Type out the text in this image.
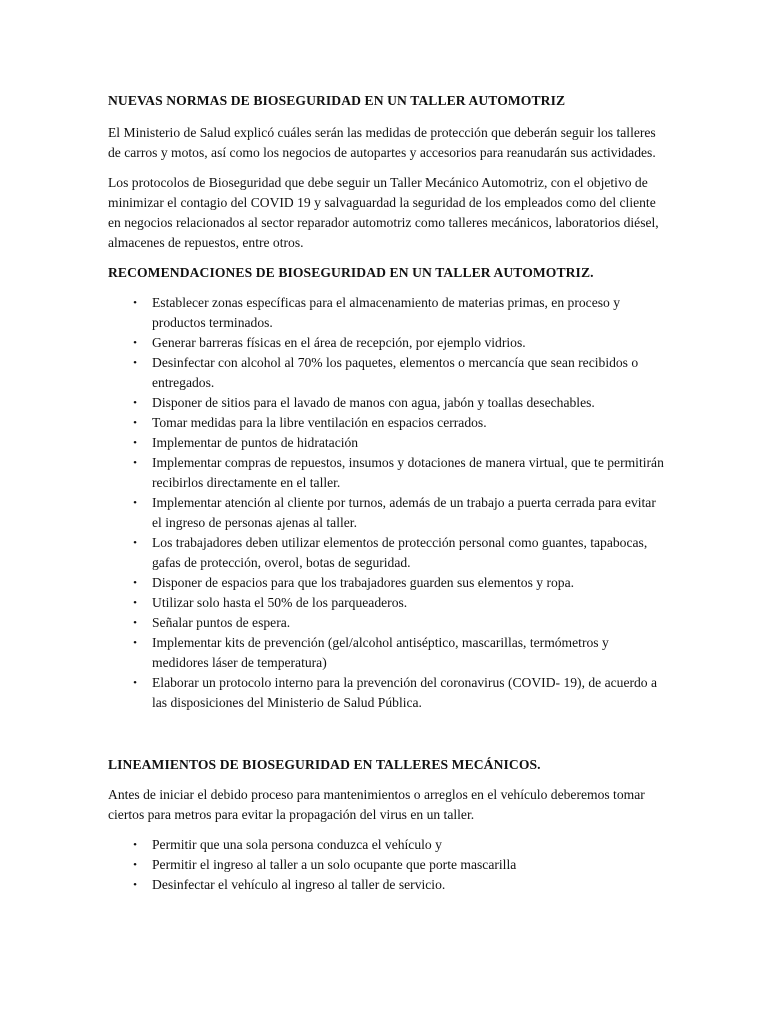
NUEVAS NORMAS DE BIOSEGURIDAD EN UN TALLER AUTOMOTRIZ

El Ministerio de Salud explicó cuáles serán las medidas de protección que deberán seguir los talleres de carros y motos, así como los negocios de autopartes y accesorios para reanudarán sus actividades.

Los protocolos de Bioseguridad que debe seguir un Taller Mecánico Automotriz, con el objetivo de minimizar el contagio del COVID 19 y salvaguardad la seguridad de los empleados como del cliente en negocios relacionados al sector reparador automotriz como talleres mecánicos, laboratorios diésel, almacenes de repuestos, entre otros.

RECOMENDACIONES DE BIOSEGURIDAD EN UN TALLER AUTOMOTRIZ.
• Establecer zonas específicas para el almacenamiento de materias primas, en proceso y productos terminados.
• Generar barreras físicas en el área de recepción, por ejemplo vidrios.
• Desinfectar con alcohol al 70% los paquetes, elementos o mercancía que sean recibidos o entregados.
• Disponer de sitios para el lavado de manos con agua, jabón y toallas desechables.
• Tomar medidas para la libre ventilación en espacios cerrados.
• Implementar de puntos de hidratación
• Implementar compras de repuestos, insumos y dotaciones de manera virtual, que te permitirán recibirlos directamente en el taller.
• Implementar atención al cliente por turnos, además de un trabajo a puerta cerrada para evitar el ingreso de personas ajenas al taller.
• Los trabajadores deben utilizar elementos de protección personal como guantes, tapabocas, gafas de protección, overol, botas de seguridad.
• Disponer de espacios para que los trabajadores guarden sus elementos y ropa.
• Utilizar solo hasta el 50% de los parqueaderos.
• Señalar puntos de espera.
• Implementar kits de prevención (gel/alcohol antiséptico, mascarillas, termómetros y medidores láser de temperatura)
• Elaborar un protocolo interno para la prevención del coronavirus (COVID- 19), de acuerdo a las disposiciones del Ministerio de Salud Pública.
LINEAMIENTOS DE BIOSEGURIDAD EN TALLERES MECÁNICOS.

Antes de iniciar el debido proceso para mantenimientos o arreglos en el vehículo deberemos tomar ciertos para metros para evitar la propagación del virus en un taller.

• Permitir que una sola persona conduzca el vehículo y
• Permitir el ingreso al taller a un solo ocupante que porte mascarilla
• Desinfectar el vehículo al ingreso al taller de servicio.
